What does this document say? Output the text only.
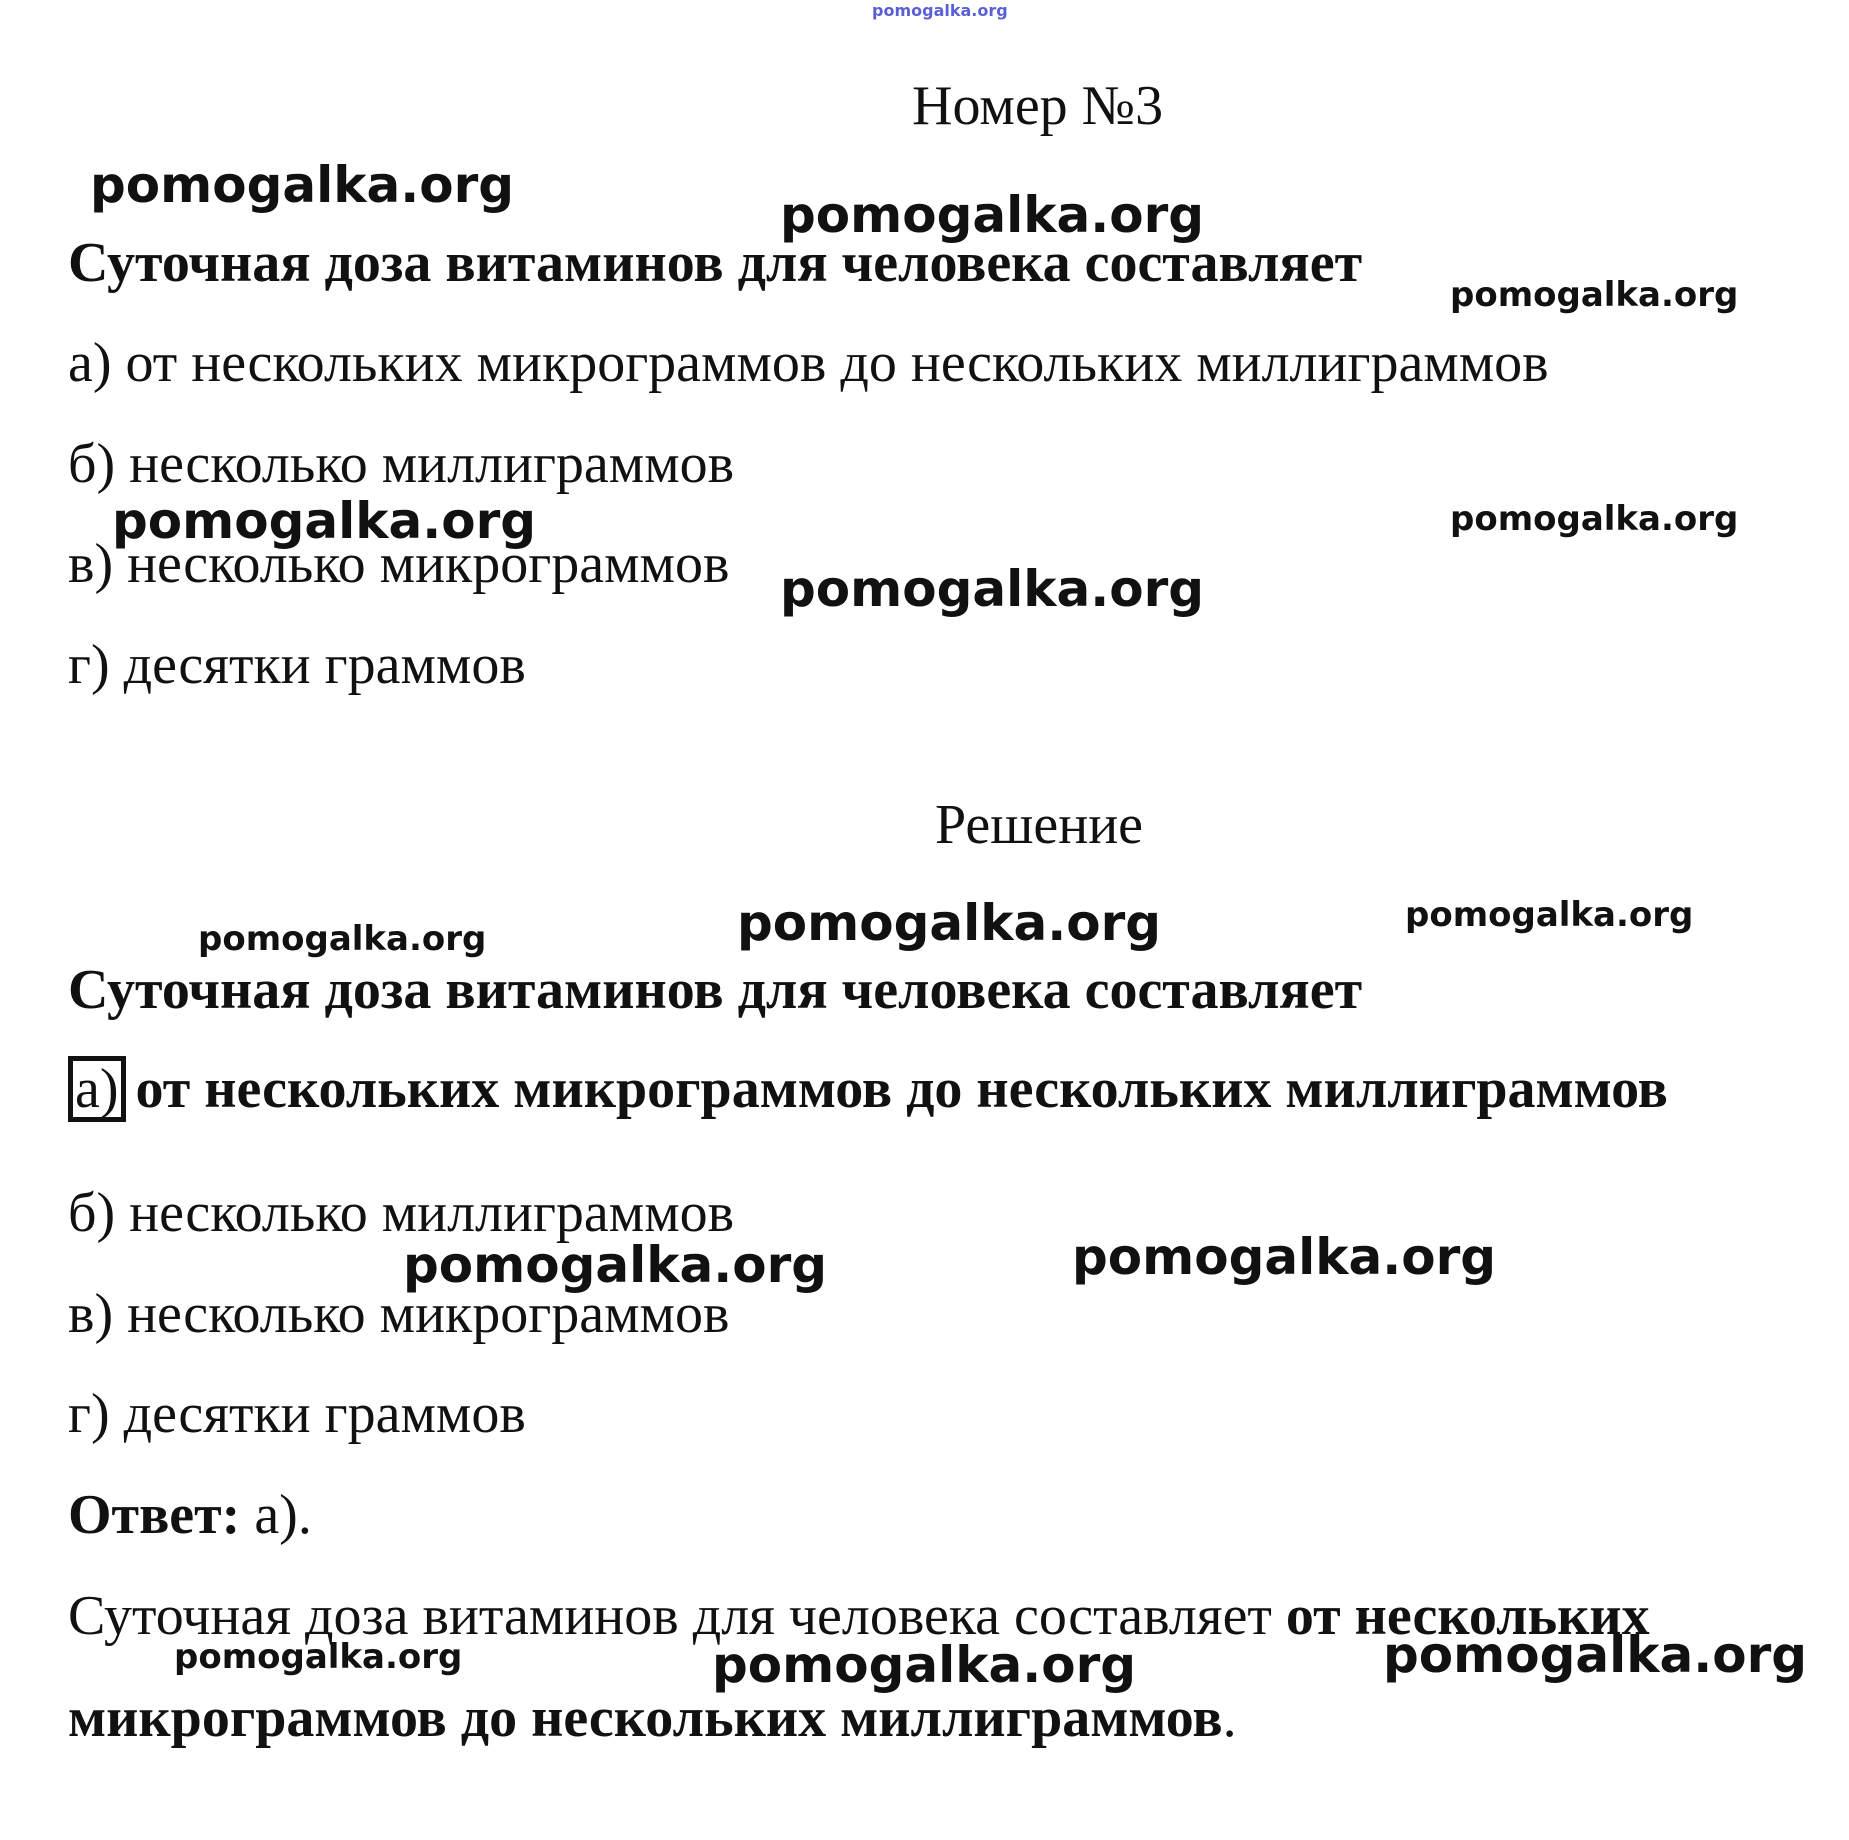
pomogalka.org
Номер №3
Суточная доза витаминов для человека составляет
а) от нескольких микрограммов до нескольких миллиграммов
б) несколько миллиграммов
в) несколько микрограммов
г) десятки граммов
Решение
Суточная доза витаминов для человека составляет
а) от нескольких микрограммов до нескольких миллиграммов
б) несколько миллиграммов
в) несколько микрограммов
г) десятки граммов
Ответ: а).
Суточная доза витаминов для человека составляет от нескольких
микрограммов до нескольких миллиграммов.
pomogalka.org
pomogalka.org
pomogalka.org
pomogalka.org	pomogalka.org
pomogalka.org
pomogalka.org	pomogalka.org	pomogalka.org
pomogalka.org	pomogalka.org
pomogalka.org	pomogalka.org	pomogalka.org
